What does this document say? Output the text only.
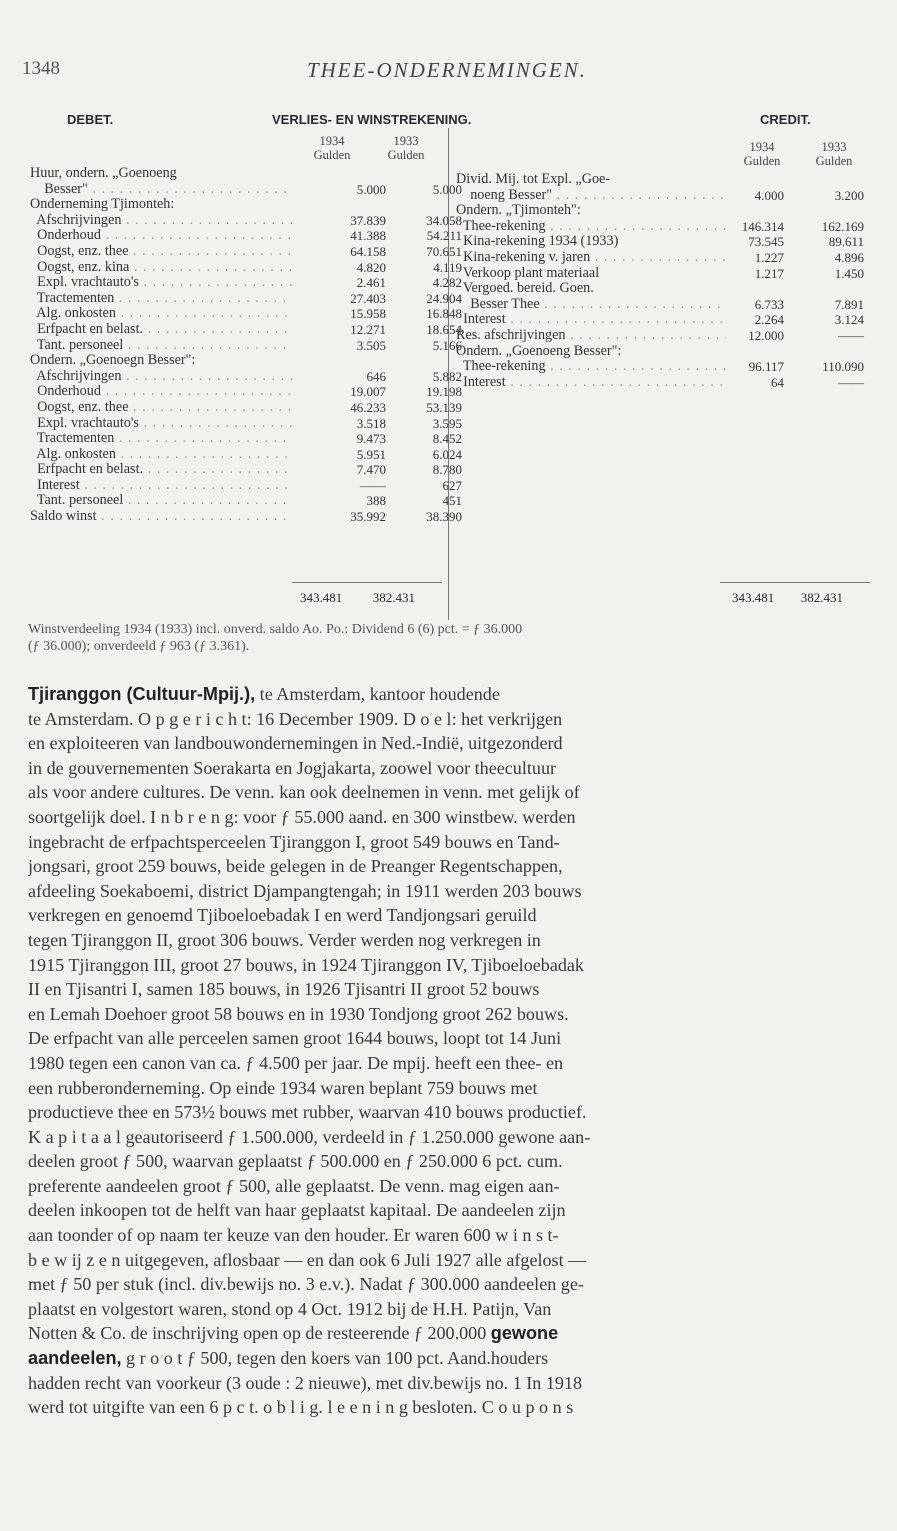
1348	THEE-ONDERNEMINGEN.
DEBET.	VERLIES- EN WINSTREKENING.	CREDIT.
1934
Gulden
1933
Gulden
1934
Gulden
1933
Gulden
Huur, ondern. „Goenoeng
Besser" . . .	5.000	5.000
Onderneming Tjimonteh:
Afschrijvingen . . .	37.839	34.058
Onderhoud . . .	41.388	54.211
Oogst, enz. thee . . .	64.158	70.651
Oogst, enz. kina . . .	4.820	4.119
Expl. vrachtauto's . . .	2.461	4.282
Tractementen . . .	27.403	24.904
Alg. onkosten . . .	15.958	16.848
Erfpacht en belast. . . .	12.271	18.654
Tant. personeel . . .	3.505	5.166
Ondern. „Goenoegn Besser":
Afschrijvingen . . .	646	5.882
Onderhoud . . .	19.007	19.198
Oogst, enz. thee . . .	46.233	53.139
Expl. vrachtauto's . . .	3.518	3.595
Tractementen . . .	9.473	8.452
Alg. onkosten . . .	5.951	6.024
Erfpacht en belast. . . .	7.470	8.780
Interest . . .	——	627
Tant. personeel . . .	388	451
Saldo winst . . .	35.992	38.390
Divid. Mij. tot Expl. „Goe-
noeng Besser" . . .	4.000	3.200
Ondern. „Tjimonteh":
Thee-rekening . . .	146.314	162.169
Kina-rekening 1934 (1933)	73.545	89.611
Kina-rekening v. jaren . . .	1.227	4.896
Verkoop plant materiaal	1.217	1.450
Vergoed. bereid. Goen.
Besser Thee . . .	6.733	7.891
Interest . . .	2.264	3.124
Res. afschrijvingen . . .	12.000	——
Ondern. „Goenoeng Besser":
Thee-rekening . . .	96.117	110.090
Interest . . .	64	——
343.481 382.431	343.481 382.431
Winstverdeeling 1934 (1933) incl. onverd. saldo Ao. Po.: Dividend 6 (6) pct. = ƒ 36.000
(ƒ 36.000); onverdeeld ƒ 963 (ƒ 3.361).
Tjiranggon (Cultuur-Mpij.), te Amsterdam, kantoor houdende
te Amsterdam. O p g e r i c h t: 16 December 1909. D o e l: het verkrijgen
en exploiteeren van landbouwondernemingen in Ned.-Indië, uitgezonderd
in de gouvernementen Soerakarta en Jogjakarta, zoowel voor theecultuur
als voor andere cultures. De venn. kan ook deelnemen in venn. met gelijk of
soortgelijk doel. I n b r e n g: voor ƒ 55.000 aand. en 300 winstbew. werden
ingebracht de erfpachtsperceelen Tjiranggon I, groot 549 bouws en Tand-
jongsari, groot 259 bouws, beide gelegen in de Preanger Regentschappen,
afdeeling Soekaboemi, district Djampangtengah; in 1911 werden 203 bouws
verkregen en genoemd Tjiboeloebadak I en werd Tandjongsari geruild
tegen Tjiranggon II, groot 306 bouws. Verder werden nog verkregen in
1915 Tjiranggon III, groot 27 bouws, in 1924 Tjiranggon IV, Tjiboeloebadak
II en Tjisantri I, samen 185 bouws, in 1926 Tjisantri II groot 52 bouws
en Lemah Doehoer groot 58 bouws en in 1930 Tondjong groot 262 bouws.
De erfpacht van alle perceelen samen groot 1644 bouws, loopt tot 14 Juni
1980 tegen een canon van ca. ƒ 4.500 per jaar. De mpij. heeft een thee- en
een rubberonderneming. Op einde 1934 waren beplant 759 bouws met
productieve thee en 573½ bouws met rubber, waarvan 410 bouws productief.
K a p i t a a l geautoriseerd ƒ 1.500.000, verdeeld in ƒ 1.250.000 gewone aan-
deelen groot ƒ 500, waarvan geplaatst ƒ 500.000 en ƒ 250.000 6 pct. cum.
preferente aandeelen groot ƒ 500, alle geplaatst. De venn. mag eigen aan-
deelen inkoopen tot de helft van haar geplaatst kapitaal. De aandeelen zijn
aan toonder of op naam ter keuze van den houder. Er waren 600 w i n s t-
b e w ij z e n uitgegeven, aflosbaar — en dan ook 6 Juli 1927 alle afgelost —
met ƒ 50 per stuk (incl. div.bewijs no. 3 e.v.). Nadat ƒ 300.000 aandeelen ge-
plaatst en volgestort waren, stond op 4 Oct. 1912 bij de H.H. Patijn, Van
Notten & Co. de inschrijving open op de resteerende ƒ 200.000 gewone
aandeelen, g r o o t ƒ 500, tegen den koers van 100 pct. Aand.houders
hadden recht van voorkeur (3 oude : 2 nieuwe), met div.bewijs no. 1 In 1918
werd tot uitgifte van een 6 p c t. o b l i g. l e e n i n g besloten. C o u p o n s
